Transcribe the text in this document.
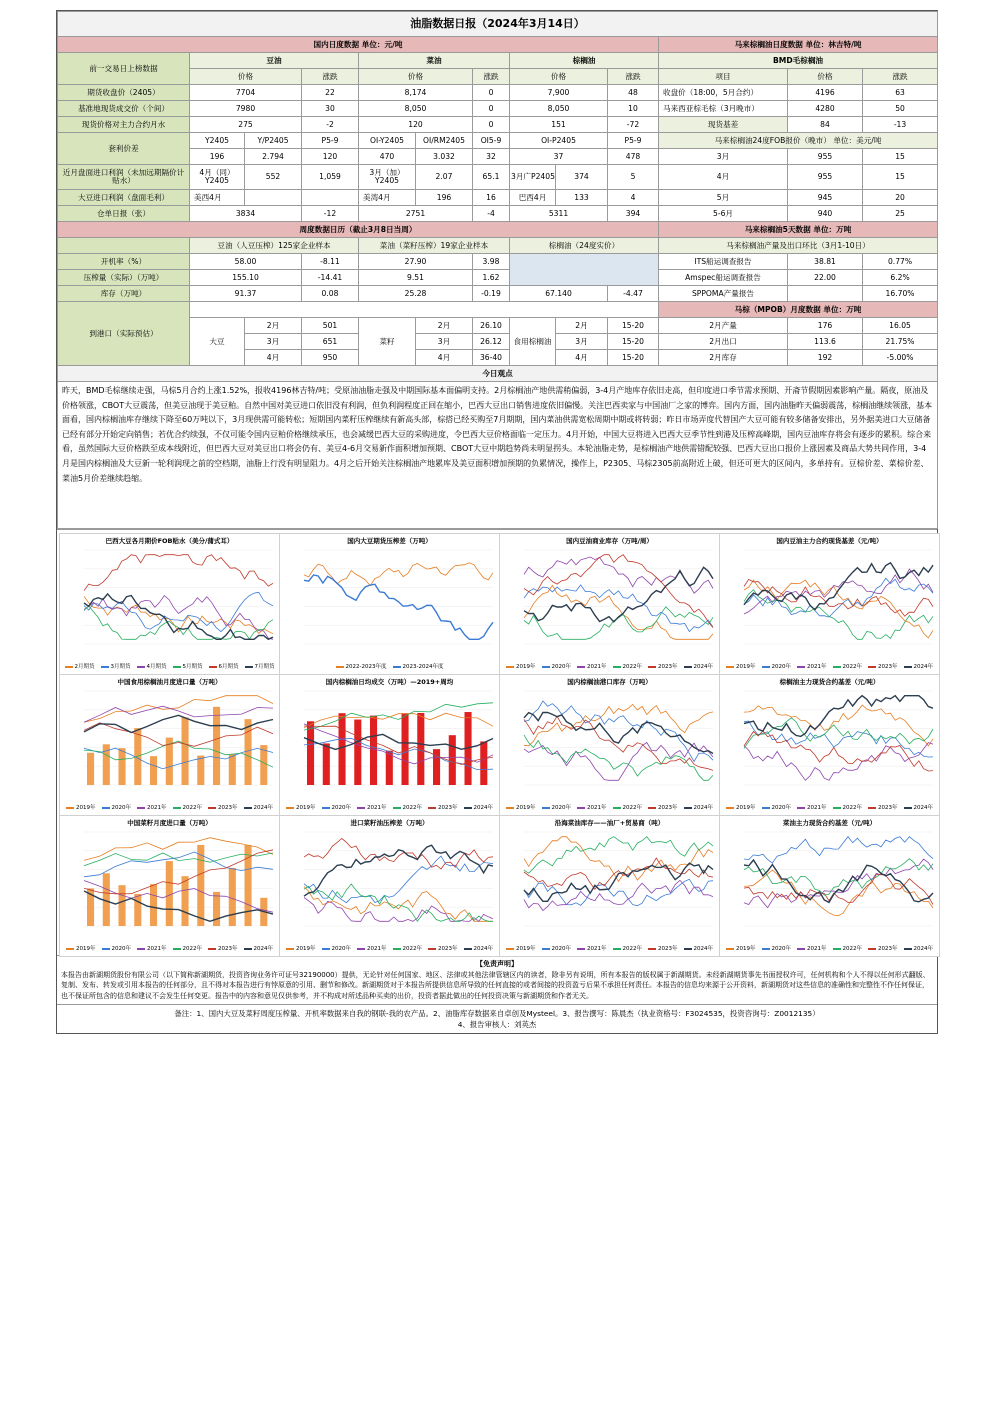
油脂数据日报（2024年3月14日）												
国内日度数据 单位：元/吨										马来棕榈油日度数据 单位：林吉特/吨		
前一交易日上榜数据	豆油			菜油			棕榈油			BMD毛棕榈油		
	价格		涨跌	价格		涨跌	价格		涨跌	项目	价格	涨跌
期货收盘价（2405）	7704		22	8,174		0	7,900		48	收盘价（18:00，5月合约）	4196	63
基准地现货成交价（个间）	7980		30	8,050		0	8,050		10	马来西亚棕毛棕（3月晚市）	4280	50
现货价格对主力合约月水	275		-2	120		0	151		-72	现货基差	84	-13
套利价差	Y2405	Y/P2405	P5-9	OI-Y2405	OI/RM2405	OI5-9	OI-P2405		P5-9	马来棕榈油24度FOB报价（晚市） 单位：美元/吨		
	196	2.794	120	470	3.032	32	37		478	3月	955	15
近月盘面进口利润（未加远期隔价计贴水）	4月（同）Y2405	552	1,059	3月（加）Y2405	2.07	65.1	3月广P2405	374	5	4月	955	15
大豆进口利润（盘面毛利）	美西4月			美湾4月	196	16	巴西4月	133	4	5月	945	20
仓单日报（张）	3834		-12	2751		-4	5311		394	5-6月	940	25
周度数据日历（截止3月8日当周）										马来棕榈油5天数据 单位：万吨		
	豆油（人豆压榨）125家企业样本			菜油（菜籽压榨）19家企业样本			棕榈油（24度实价）			马来棕榈油产量及出口环比（3月1-10日）		
开机率（%）	58.00		-8.11	27.90		3.98				ITS船运调查报告	38.81	0.77%
压榨量（实际）（万吨）	155.10		-14.41	9.51		1.62				Amspec船运调查报告	22.00	6.2%
库存（万吨）	91.37		0.08	25.28		-0.19	67.140		-4.47	SPPOMA产量报告		16.70%
到港口（实际预估）										马棕（MPOB）月度数据 单位：万吨		
	大豆	2月	501	菜籽	2月	26.10	食用棕榈油	2月	15-20	2月产量	176	16.05
		3月	651		3月	26.12		3月	15-20	2月出口	113.6	21.75%
		4月	950		4月	36-40		4月	15-20	2月库存	192	-5.00%
今日观点												
昨天，BMD毛棕继续走强，马棕5月合约上涨1.52%，报收4196林吉特/吨；受原油油脂走强及中期国际基本面偏明支持。2月棕榈油产地供需稍偏弱，3-4月产地库存依旧走高，但印度进口季节需求预期、开斋节假期因素影响产量。隔夜，原油及价格领涨，CBOT大豆震荡，但美豆油现于美豆粕。自然中国对美豆进口依旧没有利润，但负利润程度正回在缩小，巴西大豆出口销售进度依旧偏慢。关注巴西卖家与中国油厂之家的博弈。国内方面，国内油脂昨天偏弱震荡，棕榈油继续领涨，基本面看，国内棕榈油库存继续下降至60万吨以下，3月现供需可能转松；短期国内菜籽压榨继续有新高头部，棕搭已经买购至7月期期，国内菜油供需宽松周期中期或将转弱；昨日市场弄度代替国产大豆可能有较多储备安排出，另外据美进口大豆储备已经有部分开始定向销售；若优合约续强，不仅可能令国内豆粕价格继续承压，也会减缓巴西大豆的采购进度，令巴西大豆价格面临一定压力。4月开始，中国大豆将进入巴西大豆季节性到港及压榨高峰期，国内豆油库存将会有逐步的累积。综合来看，虽然国际大豆价格跌至成本线附近，但巴西大豆对美豆出口将会仍有、美豆4-6月交易新作面积增加预期、CBOT大豆中期趋势尚未明显拐头。本轮油脂走势，是棕榈油产地供需错配较强、巴西大豆出口报价上涨因素及商品大势共同作用，3-4月是国内棕榈油及大豆新一轮利润现之前的空档期，油脂上行没有明显阻力。4月之后开始关注棕榈油产地累库及美豆面积增加预期的负累情况，操作上，P2305、马棕2305前高附近上破，但还可更大的区间内，多单持有。豆棕价差、菜棕价差、菜油5月价差继续趋缩。												
巴西大豆各月期价FOB贴水（美分/蒲式耳）
2月期货	3月期货	4月期货	5月期货	6月期货	7月期货
国内大豆期货压榨差（万吨）
2022-2023年度	2023-2024年度
国内豆油商业库存（万吨/周）
2019年	2020年	2021年	2022年	2023年	2024年
国内豆油主力合约现货基差（元/吨）
2019年	2020年	2021年	2022年	2023年	2024年
中国食用棕榈油月度进口量（万吨）
2019年	2020年	2021年	2022年	2023年	2024年
国内棕榈油日均成交（万吨）—2019+周均
2019年	2020年	2021年	2022年	2023年	2024年
国内棕榈油港口库存（万吨）
2019年	2020年	2021年	2022年	2023年	2024年
棕榈油主力现货合约基差（元/吨）
2019年	2020年	2021年	2022年	2023年	2024年
中国菜籽月度进口量（万吨）
2019年	2020年	2021年	2022年	2023年	2024年
进口菜籽油压榨差（万吨）
2019年	2020年	2021年	2022年	2023年	2024年
沿海菜油库存——油厂+贸易商（吨）
2019年	2020年	2021年	2022年	2023年	2024年
菜油主力现货合约基差（元/吨）
2019年	2020年	2021年	2022年	2023年	2024年
【免责声明】
本报告由新湖期货股份有限公司（以下简称新湖期货，投资咨询业务许可证号32190000）提供，无论针对任何国家、地区、法律或其他法律管辖区内的读者，除非另有说明，所有本报告的版权属于新湖期货。未经新湖期货事先书面授权许可，任何机构和个人不得以任何形式翻版、复制、发布、转发或引用本报告的任何部分，且不得对本报告进行有悖原意的引用、删节和修改。新湖期货对于本报告所提供信息所导致的任何直接的或者间接的投资盈亏后果不承担任何责任。本报告的信息均来源于公开资料，新湖期货对这些信息的准确性和完整性不作任何保证，也不保证所包含的信息和建议不会发生任何变更。报告中的内容和意见仅供参考，并不构成对所述品种买卖的出价，投资者据此做出的任何投资决策与新湖期货和作者无关。
备注：1、国内大豆及菜籽周度压榨量、开机率数据来自我的钢联-我的农产品。2、油脂库存数据来自卓创及Mysteel。3、报告撰写：陈晨杰（执业资格号：F3024535，投资咨询号：Z0012135）
4、报告审核人：刘英杰
